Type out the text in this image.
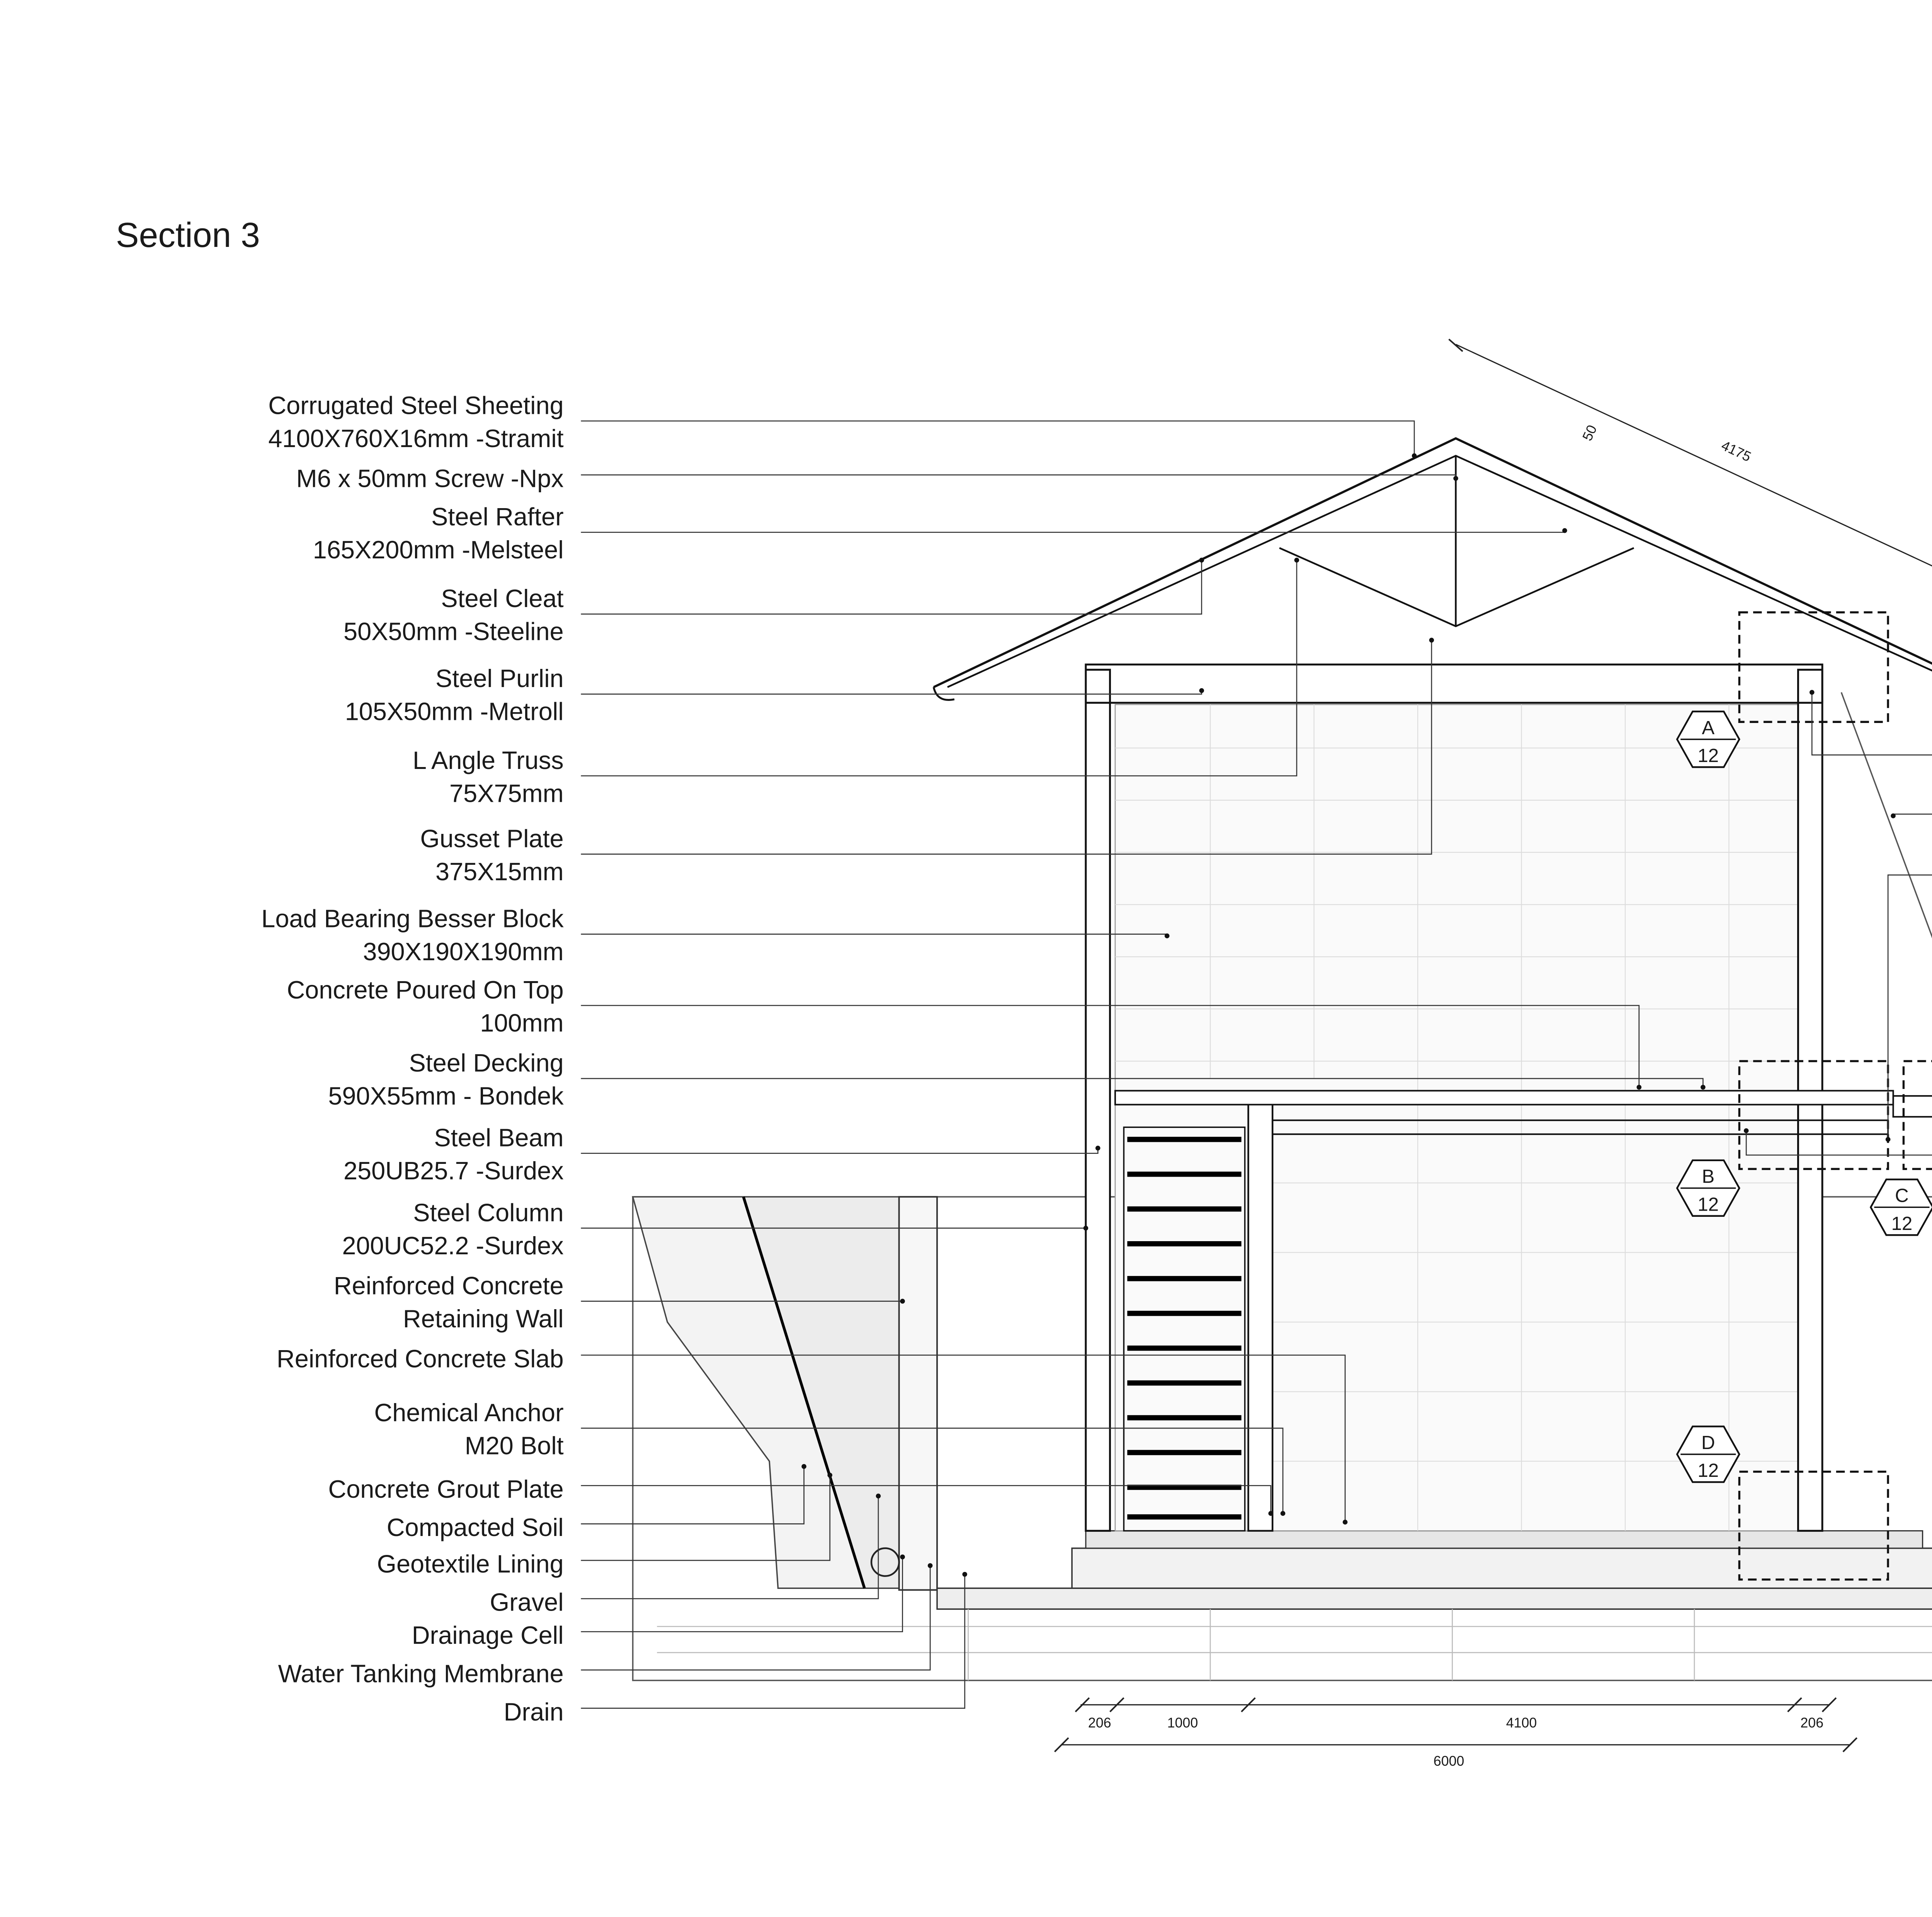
Section 3
A
12
B
12	C
12
D
12
Corrugated Steel Sheeting
4100X760X16mm -Stramit
M6 x 50mm Screw -Npx
Steel Rafter
165X200mm -Melsteel
Steel Cleat
50X50mm -Steeline
Steel Purlin
105X50mm -Metroll
L Angle Truss
75X75mm
Gusset Plate
375X15mm
Load Bearing Besser Block
390X190X190mm
Concrete Poured On Top
100mm
Steel Decking
590X55mm - Bondek
Steel Beam
250UB25.7 -Surdex
Steel Column
200UC52.2 -Surdex
Reinforced Concrete
Retaining Wall
Reinforced Concrete Slab
Chemical Anchor
M20 Bolt
Concrete Grout Plate
Compacted Soil
Geotextile Lining
Gravel
Drainage Cell
Water Tanking Membrane
Drain
4175
50
206	1000	4100	206
6000
